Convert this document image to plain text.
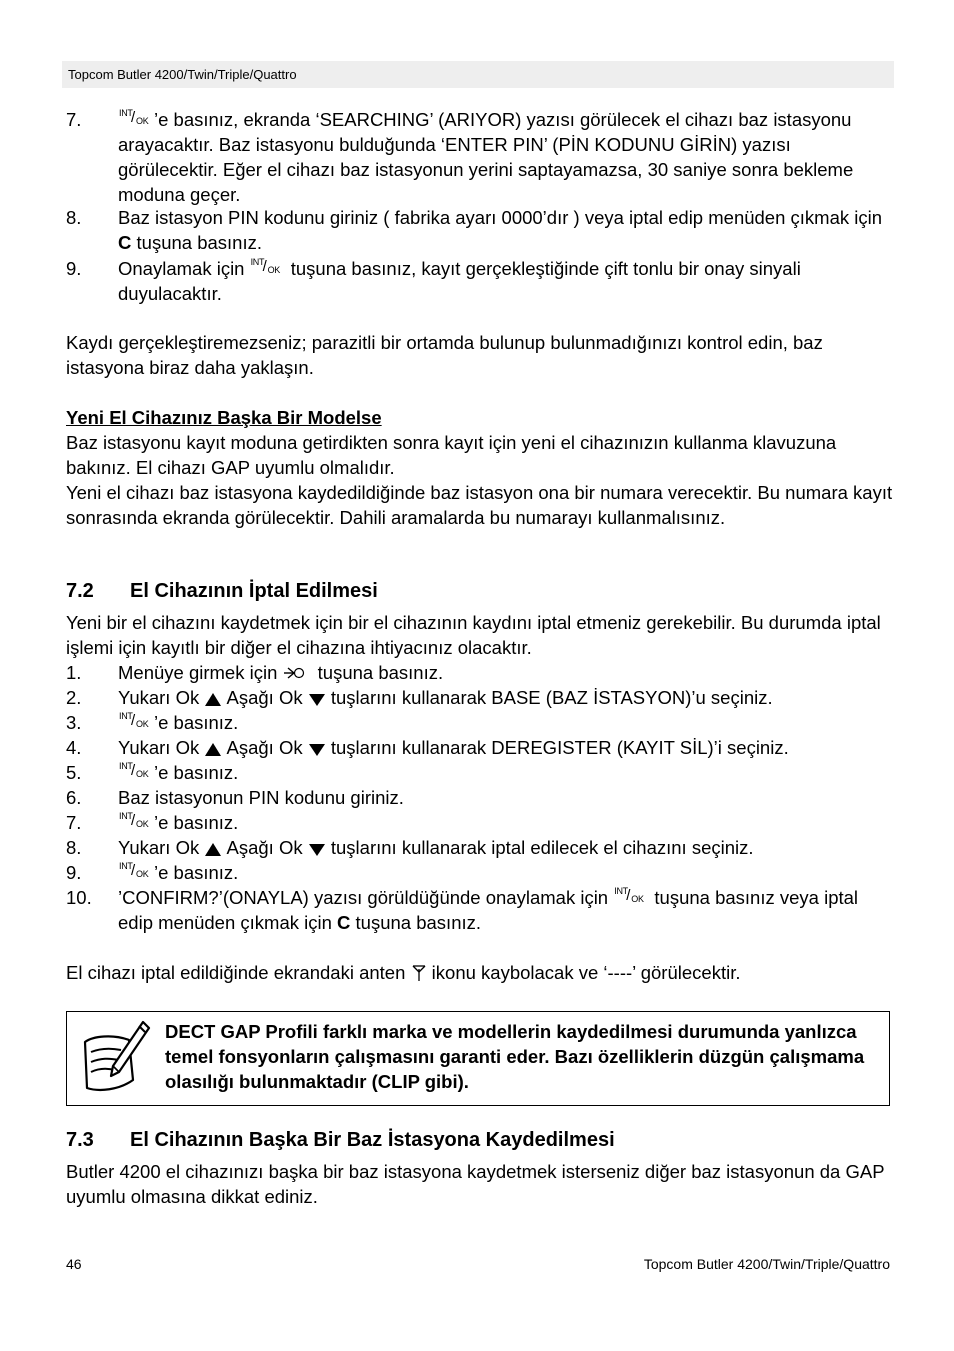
Topcom Butler 4200/Twin/Triple/Quattro
7.	INT
/ OK ’e basınız, ekranda ‘SEARCHING’ (ARIYOR) yazısı görülecek el cihazı baz istasyonu arayacaktır. Baz istasyonu bulduğunda ‘ENTER PIN’ (PİN KODUNU GİRİN) yazısı görülecektir. Eğer el cihazı baz istasyonun yerini saptayamazsa, 30 saniye sonra bekleme moduna geçer.
8. Baz istasyon PIN kodunu giriniz ( fabrika ayarı 0000’dır ) veya iptal edip menüden çıkmak için C tuşuna basınız.
9. Onaylamak için INT
/ OK tuşuna basınız, kayıt gerçekleştiğinde çift tonlu bir onay sinyali duyulacaktır.
Kaydı gerçekleştiremezseniz; parazitli bir ortamda bulunup bulunmadığınızı kontrol edin, baz istasyona biraz daha yaklaşın.
Yeni El Cihazınız Başka Bir Modelse
Baz istasyonu kayıt moduna getirdikten sonra kayıt için yeni el cihazınızın kullanma klavuzuna bakınız. El cihazı GAP uyumlu olmalıdır.
Yeni el cihazı baz istasyona kaydedildiğinde baz istasyon ona bir numara verecektir. Bu numara kayıt sonrasında ekranda görülecektir. Dahili aramalarda bu numarayı kullanmalısınız.
7.2 El Cihazının İptal Edilmesi
Yeni bir el cihazını kaydetmek için bir el cihazının kaydını iptal etmeniz gerekebilir. Bu durumda iptal işlemi için kayıtlı bir diğer el cihazına ihtiyacınız olacaktır.
1. Menüye girmek için  tuşuna basınız.
2. Yukarı Ok  Aşağı Ok  tuşlarını kullanarak BASE (BAZ İSTASYON)’u seçiniz.
3.	INT
/ OK ’e basınız.
4. Yukarı Ok  Aşağı Ok  tuşlarını kullanarak DEREGISTER (KAYIT SİL)’i seçiniz.
5.	INT
/ OK ’e basınız.
6. Baz istasyonun PIN kodunu giriniz.
7.	INT
/ OK ’e basınız.
8. Yukarı Ok  Aşağı Ok  tuşlarını kullanarak iptal edilecek el cihazını seçiniz.
9.	INT
/ OK ’e basınız.
10. ’CONFIRM?’(ONAYLA) yazısı görüldüğünde onaylamak için INT
/ OK tuşuna basınız veya iptal edip menüden çıkmak için C tuşuna basınız.
El cihazı iptal edildiğinde ekrandaki anten  ikonu kaybolacak ve ‘----’ görülecektir.
DECT GAP Profili farklı marka ve modellerin kaydedilmesi durumunda yanlızca temel fonsyonların çalışmasını garanti eder. Bazı özelliklerin düzgün çalışmama olasılığı bulunmaktadır (CLIP gibi).
7.3 El Cihazının Başka Bir Baz İstasyona Kaydedilmesi
Butler 4200 el cihazınızı başka bir baz istasyona kaydetmek isterseniz diğer baz istasyonun da GAP uyumlu olmasına dikkat ediniz.
46	Topcom Butler 4200/Twin/Triple/Quattro
